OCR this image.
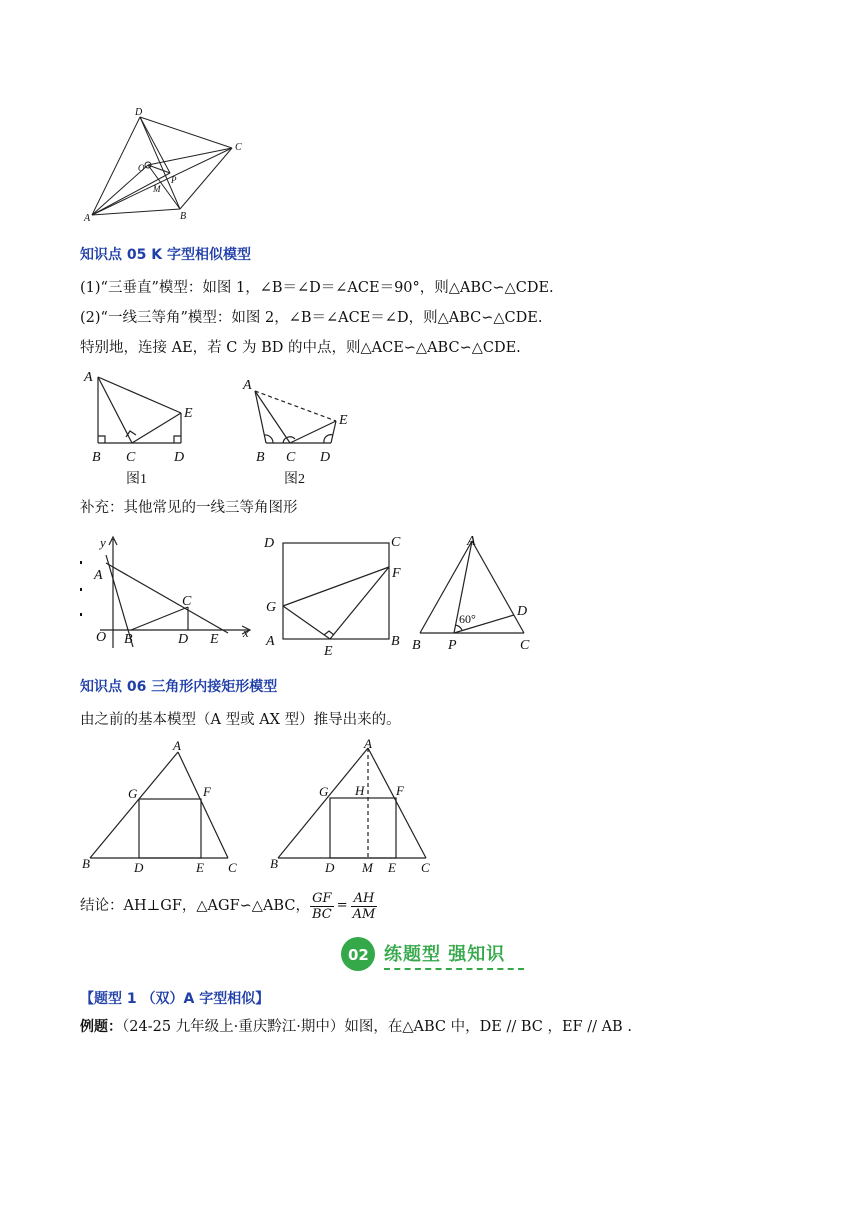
D
C
O
P
M
A	B
知识点 05 K 字型相似模型
(1)“三垂直”模型：如图 1，∠B＝∠D＝∠ACE＝90°，则△ABC∽△CDE.
(2)“一线三等角”模型：如图 2，∠B＝∠ACE＝∠D，则△ABC∽△CDE.
特别地，连接 AE，若 C 为 BD 的中点，则△ACE∽△ABC∽△CDE.
A
E
B C	D
图1
A
E
B C D
图2
补充：其他常见的一线三等角图形
y
x
A
C
O B	D E
D	C
F
G
A
E
B
A
D
60°
B P	C
知识点 06 三角形内接矩形模型
由之前的基本模型（A 型或 AX 型）推导出来的。
A
G	F
B	D	E C
A
G H F
B	D M E C
结论：AH⊥GF，△AGF∽△ABC， $\frac{GF}{BC} = \frac{AH}{AM}$
02 练题型 强知识
【题型 1 （双）A 字型相似】
例题：（24-25 九年级上·重庆黔江·期中）如图，在△ABC 中，DE // BC ，EF // AB .
